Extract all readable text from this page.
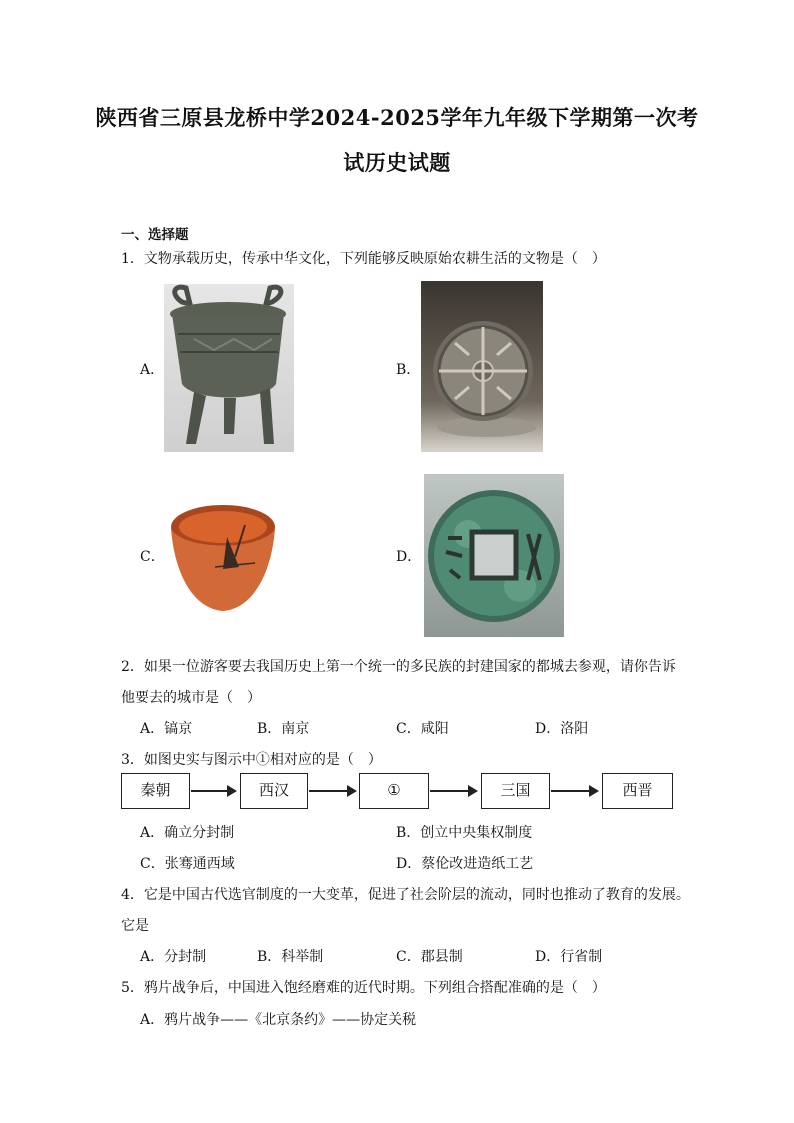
陕西省三原县龙桥中学2024-2025学年九年级下学期第一次考
试历史试题
一、选择题
1．文物承载历史，传承中华文化，下列能够反映原始农耕生活的文物是（　）
A．	B．
C．	D．
2．如果一位游客要去我国历史上第一个统一的多民族的封建国家的都城去参观，请你告诉
他要去的城市是（　）
A．镐京	B．南京	C．咸阳	D．洛阳
3．如图史实与图示中①相对应的是（　）
秦朝	西汉	①	三国	西晋
A．确立分封制	B．创立中央集权制度
C．张骞通西域	D．蔡伦改进造纸工艺
4．它是中国古代选官制度的一大变革，促进了社会阶层的流动，同时也推动了教育的发展。
它是
A．分封制	B．科举制	C．郡县制	D．行省制
5．鸦片战争后，中国进入饱经磨难的近代时期。下列组合搭配准确的是（　）
A．鸦片战争——《北京条约》——协定关税
